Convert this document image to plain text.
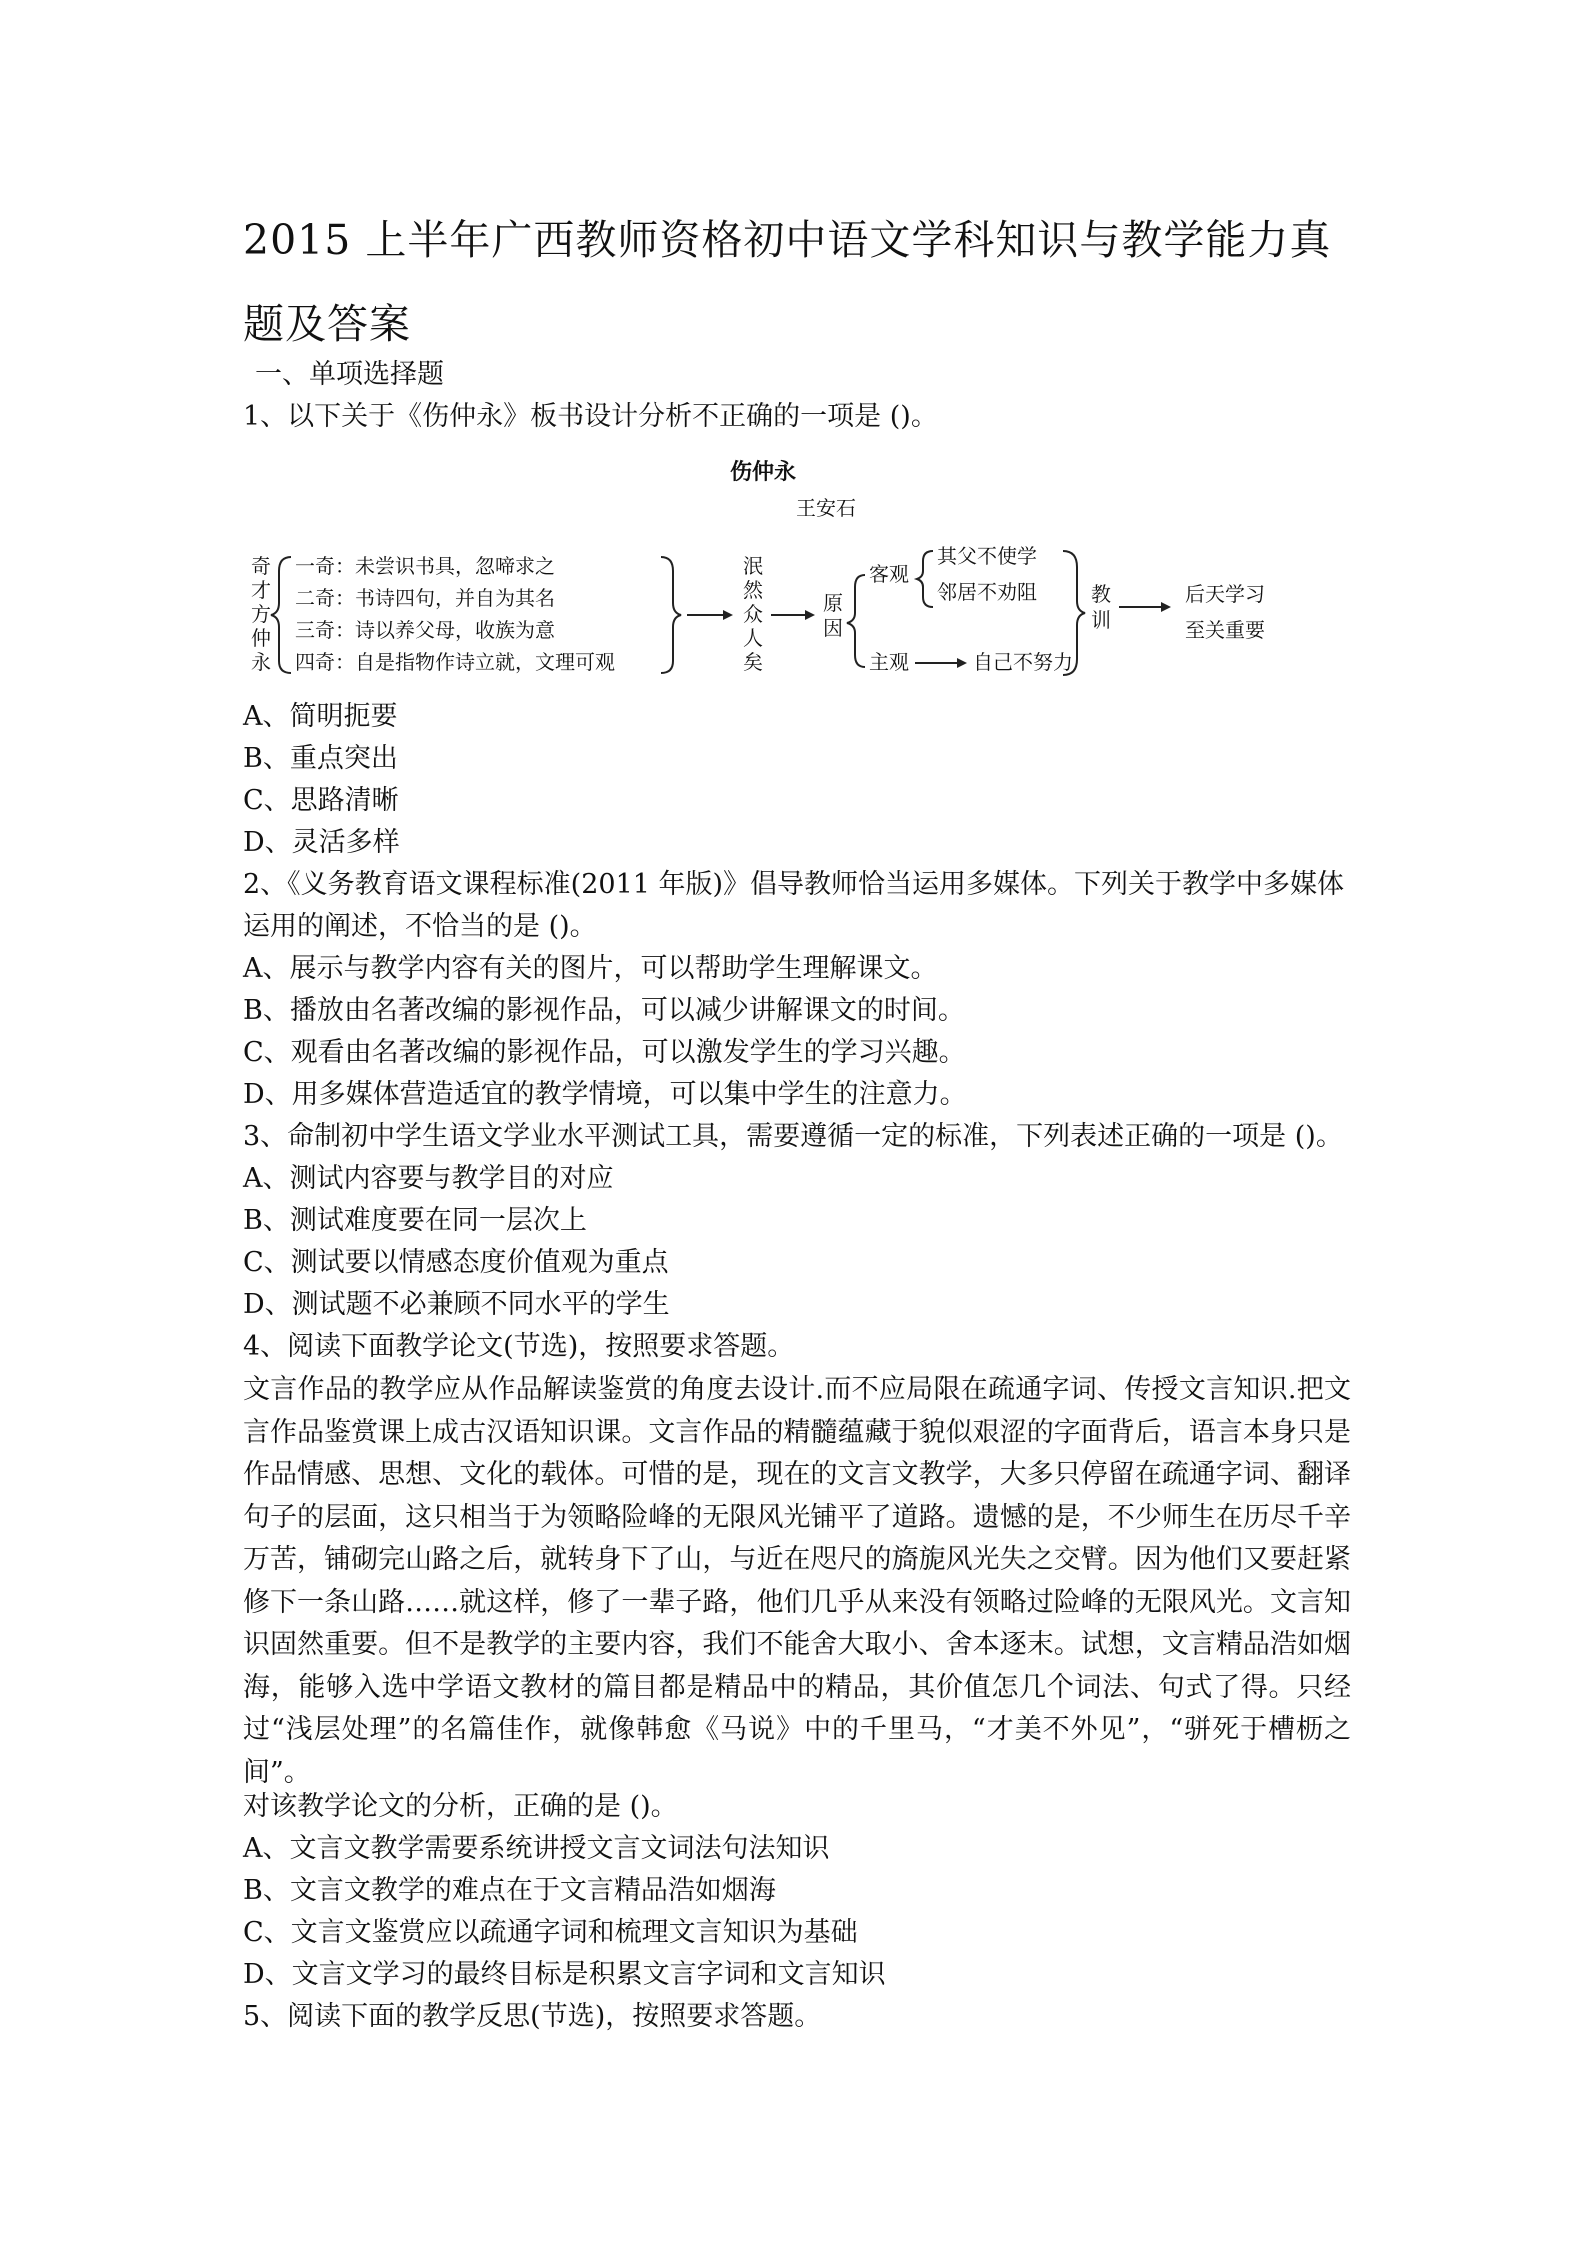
2015 上半年广西教师资格初中语文学科知识与教学能力真题及答案
一、单项选择题
1、以下关于《伤仲永》板书设计分析不正确的一项是 ()。
伤仲永
王安石
奇
才
方
仲
永
一奇：未尝识书具，忽啼求之
二奇：书诗四句，并自为其名
三奇：诗以养父母，收族为意
四奇：自是指物作诗立就，文理可观
泯
然
众
人
矣
原
因
客观
其父不使学
邻居不劝阻
主观	自己不努力
教
训
后天学习
至关重要
A、简明扼要
B、重点突出
C、思路清晰
D、灵活多样
2、《义务教育语文课程标准(2011 年版)》倡导教师恰当运用多媒体。下列关于教学中多媒体
运用的阐述，不恰当的是 ()。
A、展示与教学内容有关的图片，可以帮助学生理解课文。
B、播放由名著改编的影视作品，可以减少讲解课文的时间。
C、观看由名著改编的影视作品，可以激发学生的学习兴趣。
D、用多媒体营造适宜的教学情境，可以集中学生的注意力。
3、命制初中学生语文学业水平测试工具，需要遵循一定的标准，下列表述正确的一项是 ()。
A、测试内容要与教学目的对应
B、测试难度要在同一层次上
C、测试要以情感态度价值观为重点
D、测试题不必兼顾不同水平的学生
4、阅读下面教学论文(节选)，按照要求答题。
文言作品的教学应从作品解读鉴赏的角度去设计.而不应局限在疏通字词、传授文言知识.把文言作品鉴赏课上成古汉语知识课。文言作品的精髓蕴藏于貌似艰涩的字面背后，语言本身只是作品情感、思想、文化的载体。可惜的是，现在的文言文教学，大多只停留在疏通字词、翻译句子的层面，这只相当于为领略险峰的无限风光铺平了道路。遗憾的是，不少师生在历尽千辛万苦，铺砌完山路之后，就转身下了山，与近在咫尺的旖旎风光失之交臂。因为他们又要赶紧修下一条山路……就这样，修了一辈子路，他们几乎从来没有领略过险峰的无限风光。文言知识固然重要。但不是教学的主要内容，我们不能舍大取小、舍本逐末。试想，文言精品浩如烟海，能够入选中学语文教材的篇目都是精品中的精品，其价值怎几个词法、句式了得。只经过“浅层处理”的名篇佳作，就像韩愈《马说》中的千里马，“才美不外见”，“骈死于槽枥之间”。
对该教学论文的分析，正确的是 ()。
A、文言文教学需要系统讲授文言文词法句法知识
B、文言文教学的难点在于文言精品浩如烟海
C、文言文鉴赏应以疏通字词和梳理文言知识为基础
D、文言文学习的最终目标是积累文言字词和文言知识
5、阅读下面的教学反思(节选)，按照要求答题。
